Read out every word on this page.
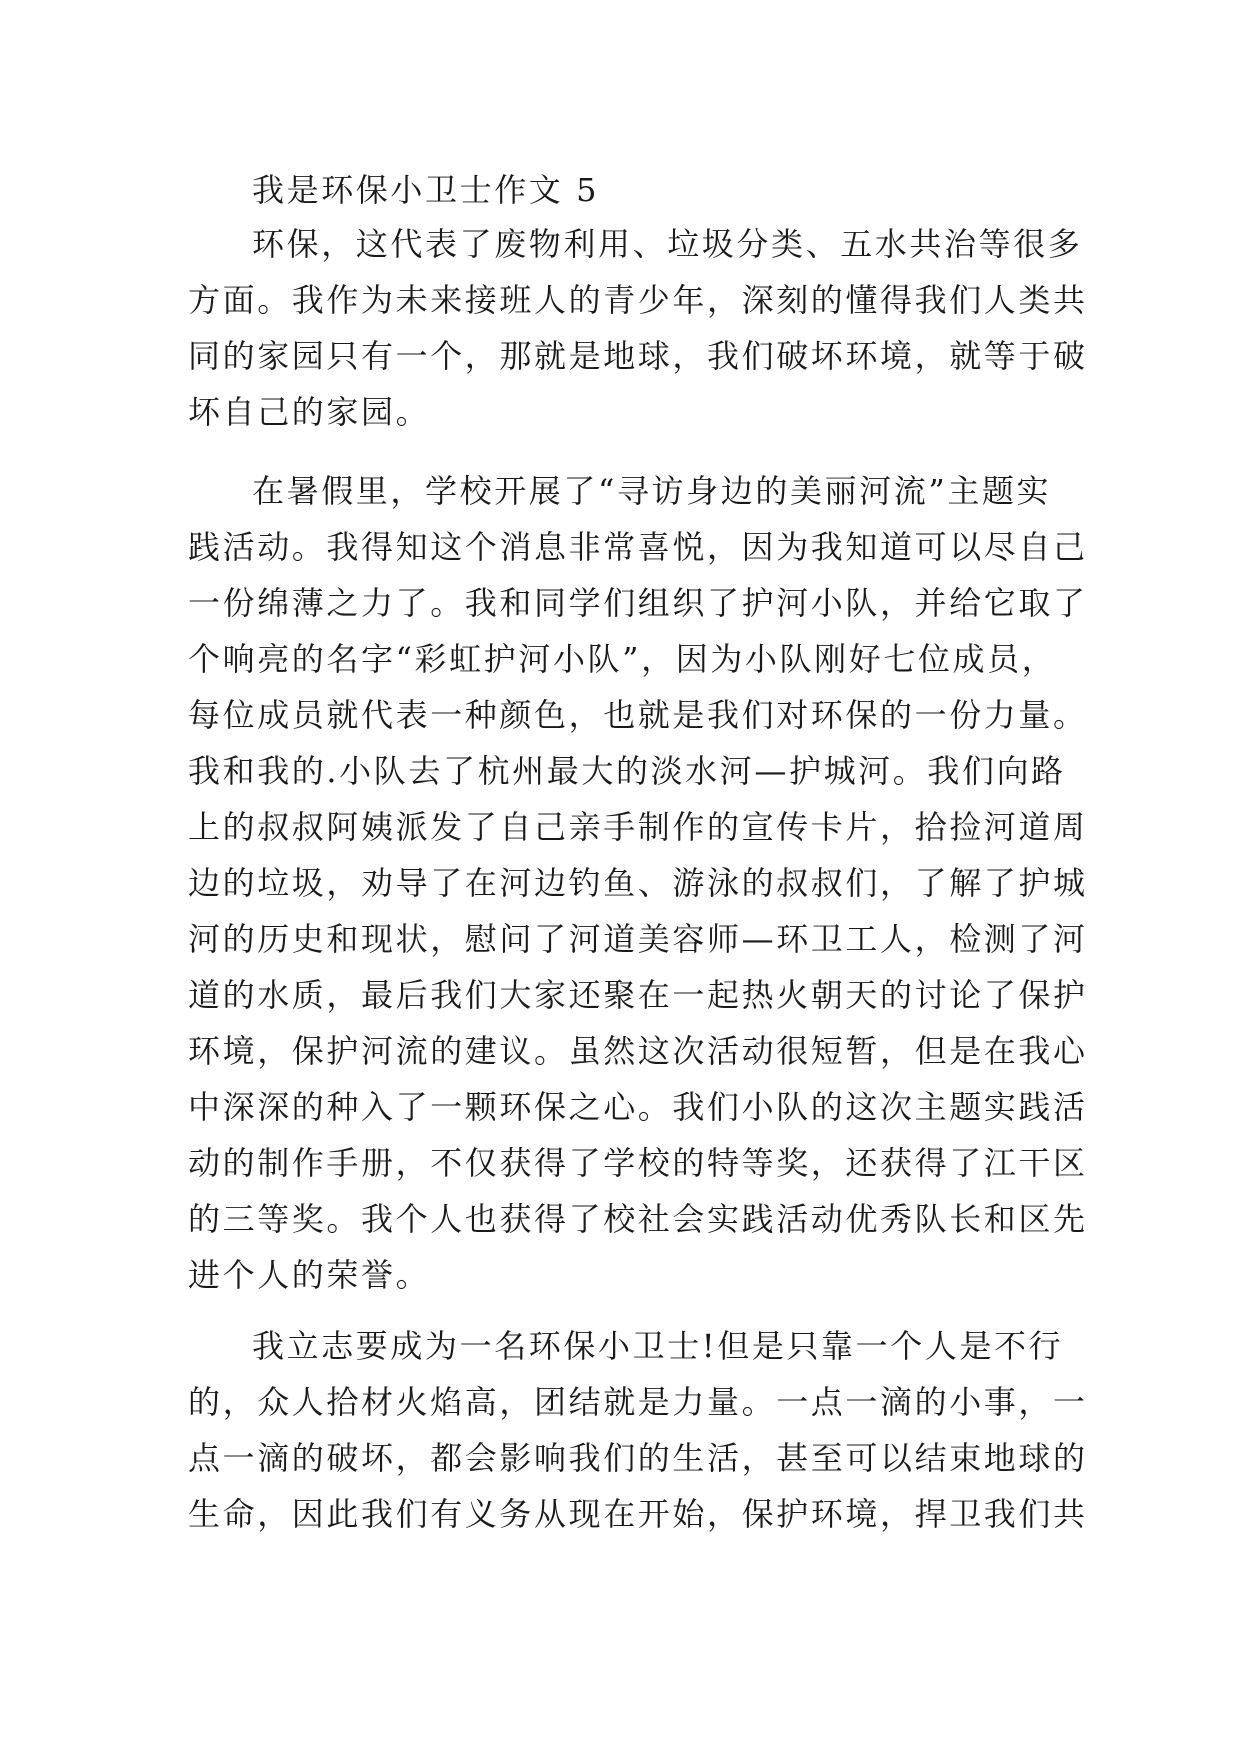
我是环保小卫士作文 5
环保，这代表了废物利用、垃圾分类、五水共治等很多
方面。我作为未来接班人的青少年，深刻的懂得我们人类共
同的家园只有一个，那就是地球，我们破坏环境，就等于破
坏自己的家园。
在暑假里，学校开展了“寻访身边的美丽河流”主题实
践活动。我得知这个消息非常喜悦，因为我知道可以尽自己
一份绵薄之力了。我和同学们组织了护河小队，并给它取了
个响亮的名字“彩虹护河小队”，因为小队刚好七位成员，
每位成员就代表一种颜色，也就是我们对环保的一份力量。
我和我的.小队去了杭州最大的淡水河—护城河。我们向路
上的叔叔阿姨派发了自己亲手制作的宣传卡片，拾捡河道周
边的垃圾，劝导了在河边钓鱼、游泳的叔叔们，了解了护城
河的历史和现状，慰问了河道美容师—环卫工人，检测了河
道的水质，最后我们大家还聚在一起热火朝天的讨论了保护
环境，保护河流的建议。虽然这次活动很短暂，但是在我心
中深深的种入了一颗环保之心。我们小队的这次主题实践活
动的制作手册，不仅获得了学校的特等奖，还获得了江干区
的三等奖。我个人也获得了校社会实践活动优秀队长和区先
进个人的荣誉。
我立志要成为一名环保小卫士!但是只靠一个人是不行
的，众人拾材火焰高，团结就是力量。一点一滴的小事，一
点一滴的破坏，都会影响我们的生活，甚至可以结束地球的
生命，因此我们有义务从现在开始，保护环境，捍卫我们共
